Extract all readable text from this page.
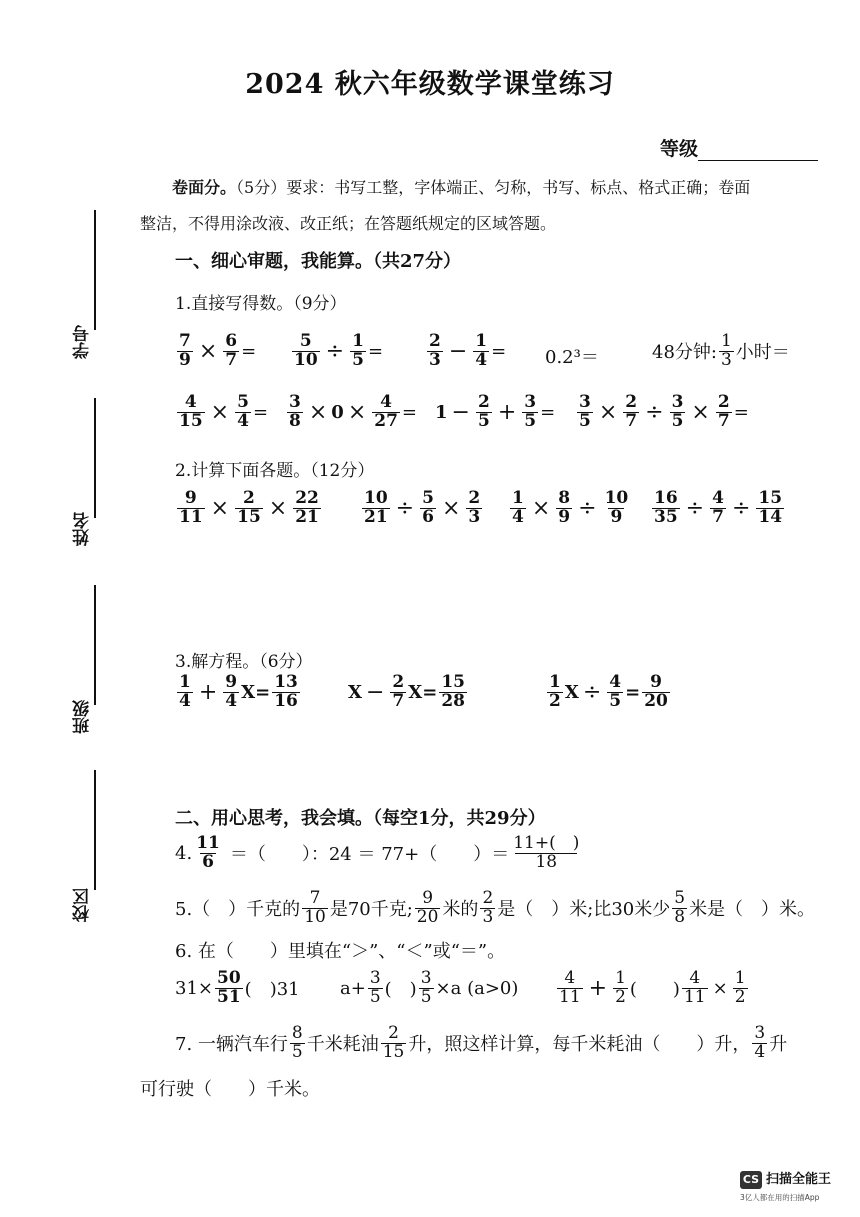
2024 秋六年级数学课堂练习
等级
卷面分。（5分）要求：书写工整，字体端正、匀称，书写、标点、格式正确；卷面
整洁，不得用涂改液、改正纸；在答题纸规定的区域答题。
学号
姓名
班级
校区
一、细心审题，我能算。（共27分）
1.直接写得数。（9分）
$\frac{7}{9} \times \frac{6}{7} = \frac{5}{10} \div \frac{1}{5}$ =	$\frac{2}{3} - \frac{1}{4} = 0.2^3=$	48分钟: $\frac{1}{3}$ 小时＝
$\frac{4}{15} \times \frac{5}{4} = \frac{3}{8} \times 0 \times \frac{4}{27} = 1 - \frac{2}{5} + \frac{3}{5} = \frac{3}{5} \times \frac{2}{7} \div \frac{3}{5} \times \frac{2}{7}$ =
2.计算下面各题。（12分）
$\frac{9}{11} \times \frac{2}{15} \times \frac{22}{21} \frac{10}{21} \div \frac{5}{6} \times \frac{2}{3} \frac{1}{4} \times \frac{8}{9} \div \frac{10}{9} \frac{16}{35} \div \frac{4}{7} \div \frac{15}{14}$
3.解方程。（6分）
$\frac{1}{4} + \frac{9}{4} X= \frac{13}{16}$	$X - \frac{2}{7} X= \frac{15}{28}$	$\frac{1}{2}$ $X \div \frac{4}{5} = \frac{9}{20}$
二、用心思考，我会填。（每空1分，共29分）
4. $\frac{11}{6}$ ＝（　　）：24 ＝ 77+（　　）＝ $\frac{11+( )}{18}$
5.（　）千克的 $\frac{7}{10}$ 是70千克; $\frac{9}{20}$ 米的 $\frac{2}{3}$ 是（　）米;比30米少 $\frac{5}{8}$ 米是（　）米。
6. 在（　　）里填在“＞”、“＜”或“＝”。
$31\times \frac{50}{51}$ (　)31 $a+ \frac{3}{5}$ (　) $\frac{3}{5} \times a$ $(a>0) \frac{4}{11} + \frac{1}{2}$ (　　) $\frac{4}{11} \times \frac{1}{2}$
7. 一辆汽车行 $\frac{8}{5}$ 千米耗油 $\frac{2}{15}$ 升，照这样计算，每千米耗油（　　）升， $\frac{3}{4}$ 升
可行驶（　　）千米。
CS 扫描全能王
3亿人都在用的扫描App
